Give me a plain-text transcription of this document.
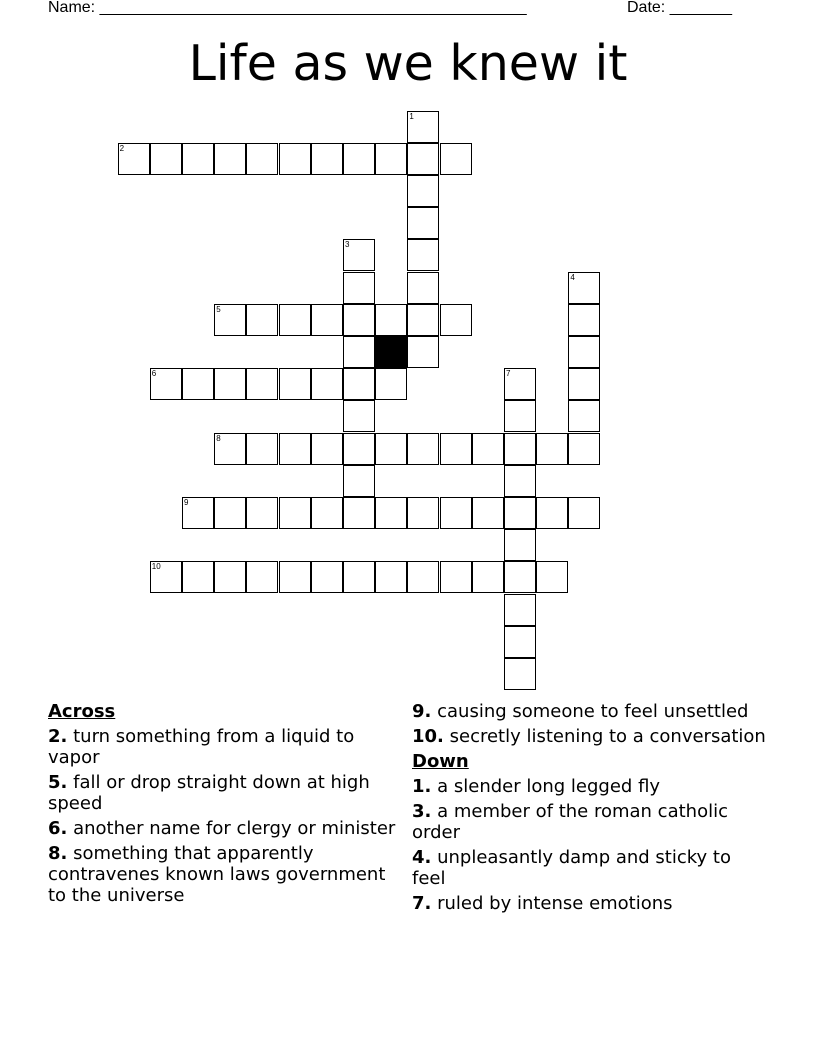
Name: ________________________________________________	Date: _______
Life as we knew it
1
2
3
4
5
6	7
8
9
10
Across
2. turn something from a liquid to vapor
5. fall or drop straight down at high speed
6. another name for clergy or minister
8. something that apparently contravenes known laws government to the universe
9. causing someone to feel unsettled
10. secretly listening to a conversation
Down
1. a slender long legged fly
3. a member of the roman catholic order
4. unpleasantly damp and sticky to feel
7. ruled by intense emotions
